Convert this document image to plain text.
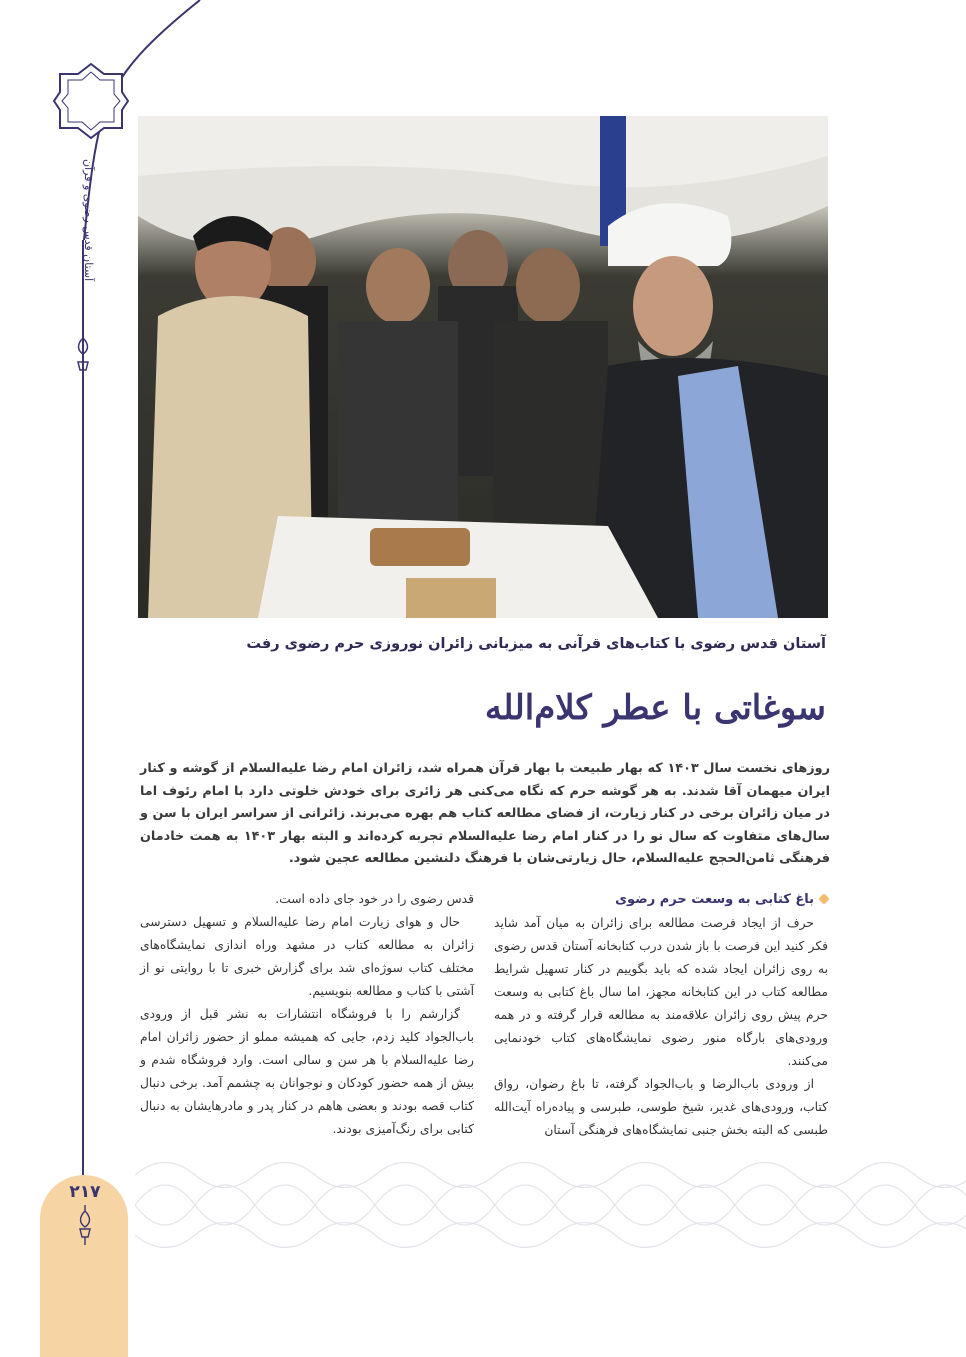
آستان قدس رضوی و قرآن
۲۱۷
آستان قدس رضوی با کتاب‌های قرآنی به میزبانی زائران نوروزی حرم رضوی رفت
سوغاتی با عطر کلام‌الله
روزهای نخست سال ۱۴۰۳ که بهار طبیعت با بهار قرآن همراه شد، زائران امام رضا علیه‌السلام از گوشه و کنار ایران میهمان آقا شدند. به هر گوشه حرم که نگاه می‌کنی هر زائری برای خودش خلوتی دارد با امام رئوف اما در میان زائران برخی در کنار زیارت، از فضای مطالعه کتاب هم بهره می‌برند. زائرانی از سراسر ایران با سن و سال‌های متفاوت که سال نو را در کنار امام رضا علیه‌السلام تجربه کرده‌اند و البته بهار ۱۴۰۳ به همت خادمان فرهنگی ثامن‌الحجج علیه‌السلام، حال زیارتی‌شان با فرهنگ دلنشین مطالعه عجین شود.

باغ کتابی به وسعت حرم رضوی

حرف از ایجاد فرصت مطالعه برای زائران به میان آمد شاید فکر کنید این فرصت با باز شدن درب کتابخانه آستان قدس رضوی به روی زائران ایجاد شده که باید بگوییم در کنار تسهیل شرایط مطالعه کتاب در این کتابخانه مجهز، اما سال باغ کتابی به وسعت حرم پیش روی زائران علاقه‌مند به مطالعه قرار گرفته و در همه ورودی‌های بارگاه منور رضوی نمایشگاه‌های کتاب خودنمایی می‌کنند.

از ورودی باب‌الرضا و باب‌الجواد گرفته، تا باغ رضوان، رواق کتاب، ورودی‌های غدیر، شیخ طوسی، طبرسی و پیاده‌راه آیت‌الله طبسی که البته بخش جنبی نمایشگاه‌های فرهنگی آستان

قدس رضوی را در خود جای داده است.

حال و هوای زیارت امام رضا علیه‌السلام و تسهیل دسترسی زائران به مطالعه کتاب در مشهد وراه اندازی نمایشگاه‌های مختلف کتاب سوژه‌ای شد برای گزارش خبری تا با روایتی نو از آشتی با کتاب و مطالعه بنویسیم.

گزارشم را با فروشگاه انتشارات به نشر قبل از ورودی باب‌الجواد کلید زدم، جایی که همیشه مملو از حضور زائران امام رضا علیه‌السلام با هر سن و سالی است. وارد فروشگاه شدم و بیش از همه حضور کودکان و نوجوانان به چشمم آمد. برخی دنبال کتاب قصه بودند و بعضی هاهم در کنار پدر و مادرهایشان به دنبال کتابی برای رنگ‌آمیزی بودند.
